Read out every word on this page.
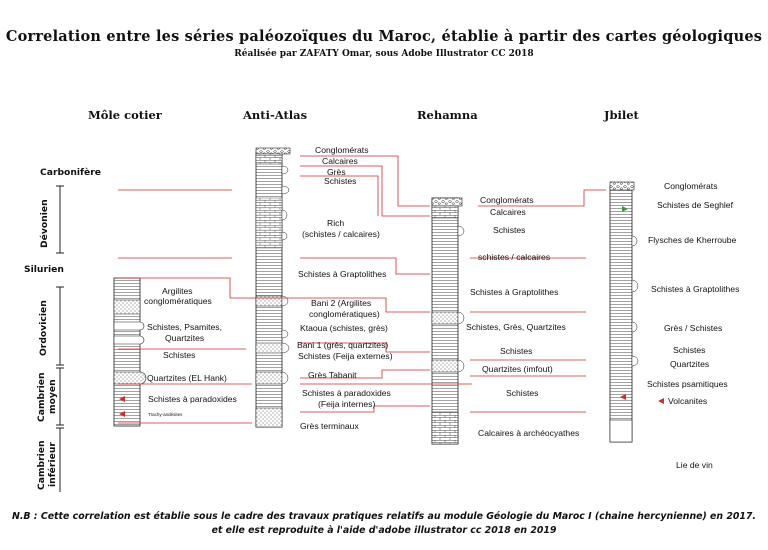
Correlation entre les séries paléozoïques du Maroc, établie à partir des cartes géologiques
Réalisée par ZAFATY Omar, sous Adobe Illustrator CC 2018
Môle cotier	Anti-Atlas	Rehamna	Jbilet
Carbonifère
Dévonien
Silurien
Ordovicien
Cambrien moyen
Cambrien inférieur
Argilites
conglomératiques
Schistes, Psamites,
Quartzites
Schistes
Quartzites (EL Hank)
Schistes à paradoxides
Trachy-andésites
Conglomérats
Calcaires
Grès
Schistes
Rich
(schistes / calcaires)
Schistes à Graptolithes
Bani 2 (Argilites
conglomératiques)
Ktaoua (schistes, grès)
Bani 1 (grès, quartzites)
Schistes (Feija externes)
Grès Tabanit
Schistes à paradoxides
(Feija internes)
Grès terminaux
Conglomérats
Calcaires
Schistes
schistes / calcaires
Schistes à Graptolithes
Schistes, Grès, Quartzites
Schistes
Quartzites (imfout)
Schistes
Calcaires à archéocyathes
Conglomérats
Schistes de Seghlef
Flysches de Kherroube
Schistes à Graptolithes
Grès / Schistes
Schistes
Quartzites
Schistes psamitiques
Volcanites
Lie de vin
N.B : Cette correlation est établie sous le cadre des travaux pratiques relatifs au module Géologie du Maroc I (chaine hercynienne) en 2017.
et elle est reproduite à l'aide d'adobe illustrator cc 2018 en 2019
